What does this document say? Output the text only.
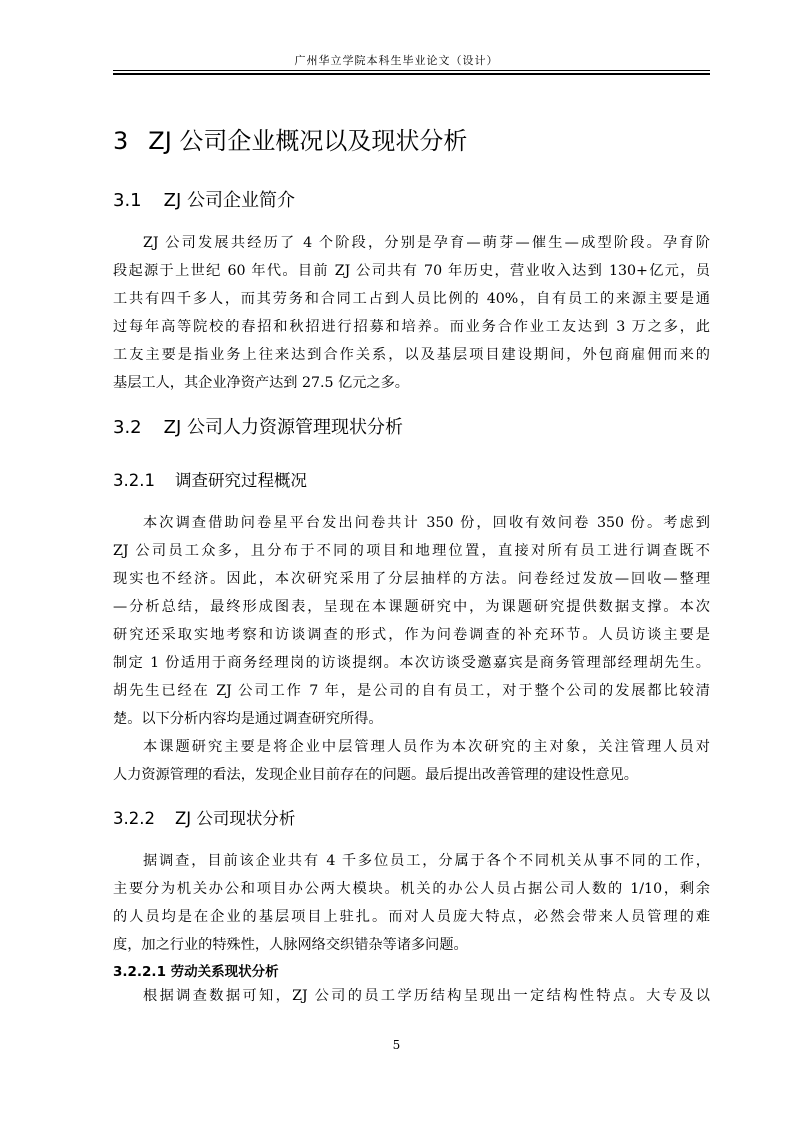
广州华立学院本科生毕业论文（设计）
3 ZJ 公司企业概况以及现状分析
3.1 ZJ 公司企业简介
ZJ 公司发展共经历了 4 个阶段，分别是孕育—萌芽—催生—成型阶段。孕育阶
段起源于上世纪 60 年代。目前 ZJ 公司共有 70 年历史，营业收入达到 130+亿元，员
工共有四千多人，而其劳务和合同工占到人员比例的 40%，自有员工的来源主要是通
过每年高等院校的春招和秋招进行招募和培养。而业务合作业工友达到 3 万之多，此
工友主要是指业务上往来达到合作关系，以及基层项目建设期间，外包商雇佣而来的
基层工人，其企业净资产达到 27.5 亿元之多。
3.2 ZJ 公司人力资源管理现状分析
3.2.1 调查研究过程概况
本次调查借助问卷星平台发出问卷共计 350 份，回收有效问卷 350 份。考虑到
ZJ 公司员工众多，且分布于不同的项目和地理位置，直接对所有员工进行调查既不
现实也不经济。因此，本次研究采用了分层抽样的方法。问卷经过发放—回收—整理
—分析总结，最终形成图表，呈现在本课题研究中，为课题研究提供数据支撑。本次
研究还采取实地考察和访谈调查的形式，作为问卷调查的补充环节。人员访谈主要是
制定 1 份适用于商务经理岗的访谈提纲。本次访谈受邀嘉宾是商务管理部经理胡先生。
胡先生已经在 ZJ 公司工作 7 年，是公司的自有员工，对于整个公司的发展都比较清
楚。以下分析内容均是通过调查研究所得。
本课题研究主要是将企业中层管理人员作为本次研究的主对象，关注管理人员对
人力资源管理的看法，发现企业目前存在的问题。最后提出改善管理的建设性意见。
3.2.2 ZJ 公司现状分析
据调查，目前该企业共有 4 千多位员工，分属于各个不同机关从事不同的工作，
主要分为机关办公和项目办公两大模块。机关的办公人员占据公司人数的 1/10，剩余
的人员均是在企业的基层项目上驻扎。而对人员庞大特点，必然会带来人员管理的难
度，加之行业的特殊性，人脉网络交织错杂等诸多问题。
3.2.2.1 劳动关系现状分析
根据调查数据可知，ZJ 公司的员工学历结构呈现出一定结构性特点。大专及以
5
